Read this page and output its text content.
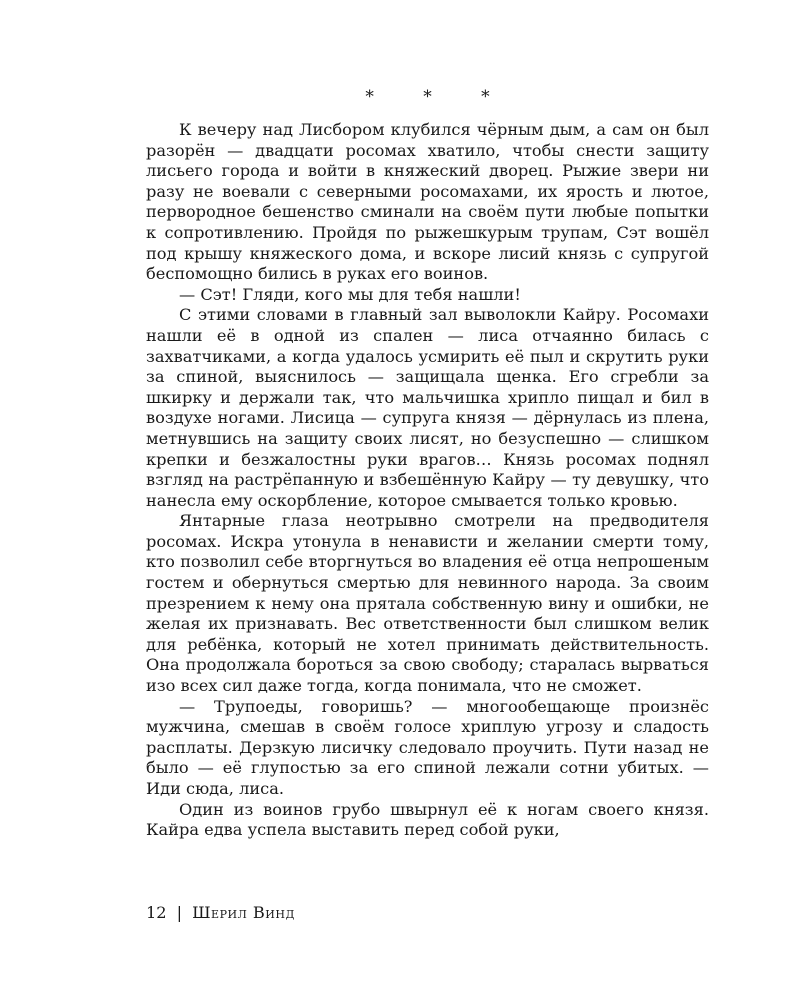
* * *

К вечеру над Лисбором клубился чёрным дым, а сам он был разорён — двадцати росомах хватило, чтобы снести защиту лисьего города и войти в княжеский дворец. Рыжие звери ни разу не воевали с северными росомахами, их ярость и лютое, первородное бешенство сминали на своём пути любые попытки к сопротивлению. Пройдя по рыжешкурым трупам, Сэт вошёл под крышу княжеского дома, и вскоре лисий князь с супругой беспомощно бились в руках его воинов.

— Сэт! Гляди, кого мы для тебя нашли!

С этими словами в главный зал выволокли Кайру. Росомахи нашли её в одной из спален — лиса отчаянно билась с захватчиками, а когда удалось усмирить её пыл и скрутить руки за спиной, выяснилось — защищала щенка. Его сгребли за шкирку и держали так, что мальчишка хрипло пищал и бил в воздухе ногами. Лисица — супруга князя — дёрнулась из плена, метнувшись на защиту своих лисят, но безуспешно — слишком крепки и безжалостны руки врагов… Князь росомах поднял взгляд на растрёпанную и взбешённую Кайру — ту девушку, что нанесла ему оскорбление, которое смывается только кровью.

Янтарные глаза неотрывно смотрели на предводителя росомах. Искра утонула в ненависти и желании смерти тому, кто позволил себе вторгнуться во владения её отца непрошеным гостем и обернуться смертью для невинного народа. За своим презрением к нему она прятала собственную вину и ошибки, не желая их признавать. Вес ответственности был слишком велик для ребёнка, который не хотел принимать действительность. Она продолжала бороться за свою свободу; старалась вырваться изо всех сил даже тогда, когда понимала, что не сможет.

— Трупоеды, говоришь? — многообещающе произнёс мужчина, смешав в своём голосе хриплую угрозу и сладость расплаты. Дерзкую лисичку следовало проучить. Пути назад не было — её глупостью за его спиной лежали сотни убитых. — Иди сюда, лиса.

Один из воинов грубо швырнул её к ногам своего князя. Кайра едва успела выставить перед собой руки,

12 | Шерил Винд
